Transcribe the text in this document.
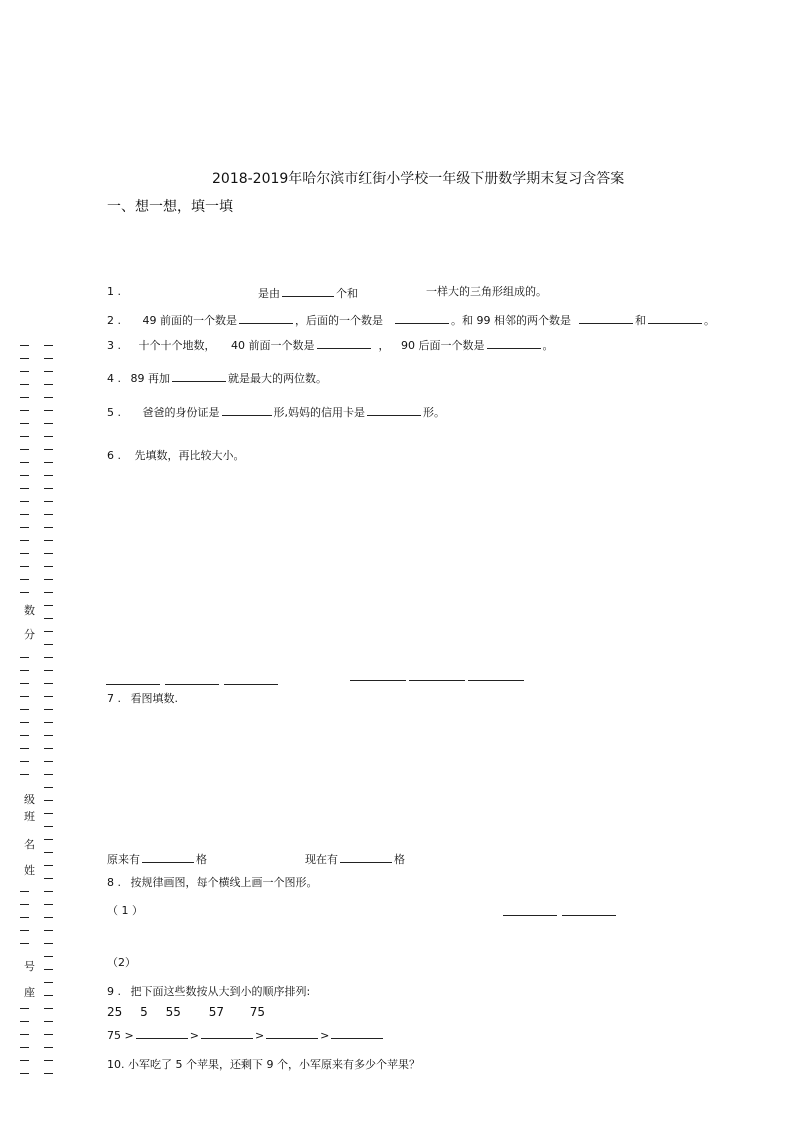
2018-2019年哈尔滨市红街小学校一年级下册数学期末复习含答案
一、想一想，填一填
1 .	是由	个和	一样大的三角形组成的。
2 . 49 前面的一个数是	，后面的一个数是	。和 99 相邻的两个数是	和	。
3 . 十个十个地数， 40 前面一个数是	， 90 后面一个数是	。
4 . 89 再加	就是最大的两位数。
5 . 爸爸的身份证是	形,妈妈的信用卡是	形。
6 . 先填数，再比较大小。
7 . 看图填数.
原来有	格	现在有	格
8 . 按规律画图，每个横线上画一个图形。
（ 1 ）
（2）
9 . 把下面这些数按从大到小的顺序排列:
25 5 55 57 75
75 >	>	>	>
10. 小军吃了 5 个苹果，还剩下 9 个，小军原来有多少个苹果？
数
分
级
班
名
姓
号
座
